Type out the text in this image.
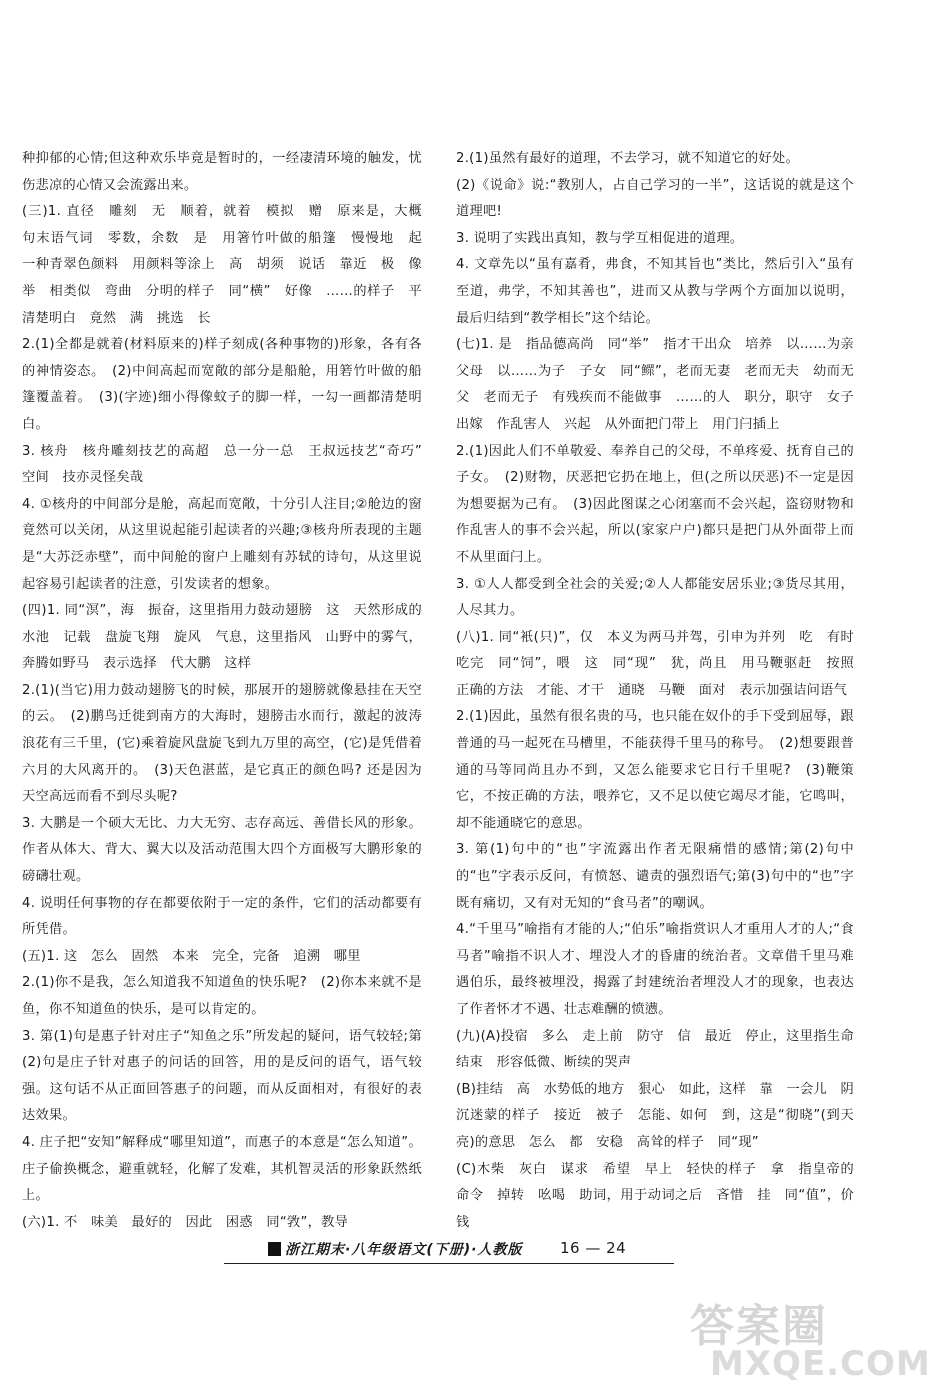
种抑郁的心情;但这种欢乐毕竟是暂时的，一经凄清环境的触发，忧伤悲凉的心情又会流露出来。

(三)1. 直径　雕刻　无　顺着，就着　模拟　赠　原来是，大概　句末语气词　零数，余数　是　用箸竹叶做的船篷　慢慢地　起　一种青翠色颜料　用颜料等涂上　高　胡须　说话　靠近　极　像　举　相类似　弯曲　分明的样子　同“横”　好像　……的样子　平　清楚明白　竟然　满　挑选　长

2.(1)全都是就着(材料原来的)样子刻成(各种事物的)形象，各有各的神情姿态。　(2)中间高起而宽敞的部分是船舱，用箬竹叶做的船篷覆盖着。　(3)(字迹)细小得像蚊子的脚一样，一勾一画都清楚明白。

3. 核舟　核舟雕刻技艺的高超　总一分一总　王叔远技艺“奇巧”　空间　技亦灵怪矣哉

4. ①核舟的中间部分是舱，高起而宽敞，十分引人注目;②舱边的窗竟然可以关闭，从这里说起能引起读者的兴趣;③核舟所表现的主题是“大苏泛赤壁”，而中间舱的窗户上雕刻有苏轼的诗句，从这里说起容易引起读者的注意，引发读者的想象。

(四)1. 同“溟”，海　振奋，这里指用力鼓动翅膀　这　天然形成的水池　记载　盘旋飞翔　旋风　气息，这里指风　山野中的雾气，奔腾如野马　表示选择　代大鹏　这样

2.(1)(当它)用力鼓动翅膀飞的时候，那展开的翅膀就像悬挂在天空的云。　(2)鹏鸟迁徙到南方的大海时，翅膀击水而行，激起的波涛浪花有三千里，(它)乘着旋风盘旋飞到九万里的高空，(它)是凭借着六月的大风离开的。　(3)天色湛蓝，是它真正的颜色吗? 还是因为天空高远而看不到尽头呢?

3. 大鹏是一个硕大无比、力大无穷、志存高远、善借长风的形象。作者从体大、背大、翼大以及活动范围大四个方面极写大鹏形象的磅礴壮观。

4. 说明任何事物的存在都要依附于一定的条件，它们的活动都要有所凭借。

(五)1. 这　怎么　固然　本来　完全，完备　追溯　哪里

2.(1)你不是我，怎么知道我不知道鱼的快乐呢?　(2)你本来就不是鱼，你不知道鱼的快乐，是可以肯定的。

3. 第(1)句是惠子针对庄子“知鱼之乐”所发起的疑问，语气较轻;第(2)句是庄子针对惠子的问话的回答，用的是反问的语气，语气较强。这句话不从正面回答惠子的问题，而从反面相对，有很好的表达效果。

4. 庄子把“安知”解释成“哪里知道”，而惠子的本意是“怎么知道”。庄子偷换概念，避重就轻，化解了发难，其机智灵活的形象跃然纸上。

(六)1. 不　味美　最好的　因此　困惑　同“敩”，教导

2.(1)虽然有最好的道理，不去学习，就不知道它的好处。

(2)《说命》说:“教别人，占自己学习的一半”，这话说的就是这个道理吧!

3. 说明了实践出真知，教与学互相促进的道理。

4. 文章先以“虽有嘉肴，弗食，不知其旨也”类比，然后引入“虽有至道，弗学，不知其善也”，进而又从教与学两个方面加以说明，最后归结到“教学相长”这个结论。

(七)1. 是　指品德高尚　同“举”　指才干出众　培养　以……为亲　父母　以……为子　子女　同“鳏”，老而无妻　老而无夫　幼而无父　老而无子　有残疾而不能做事　……的人　职分，职守　女子出嫁　作乱害人　兴起　从外面把门带上　用门闩插上

2.(1)因此人们不单敬爱、奉养自己的父母，不单疼爱、抚育自己的子女。　(2)财物，厌恶把它扔在地上，但(之所以厌恶)不一定是因为想要据为己有。　(3)因此图谋之心闭塞而不会兴起，盗窃财物和作乱害人的事不会兴起，所以(家家户户)都只是把门从外面带上而不从里面闩上。

3. ①人人都受到全社会的关爱;②人人都能安居乐业;③货尽其用，人尽其力。

(八)1. 同“衹(只)”，仅　本义为两马并驾，引申为并列　吃　有时　吃完　同“饲”，喂　这　同“现”　犹，尚且　用马鞭驱赶　按照　正确的方法　才能、才干　通晓　马鞭　面对　表示加强诘问语气

2.(1)因此，虽然有很名贵的马，也只能在奴仆的手下受到屈辱，跟普通的马一起死在马槽里，不能获得千里马的称号。　(2)想要跟普通的马等同尚且办不到，又怎么能要求它日行千里呢?　(3)鞭策它，不按正确的方法，喂养它，又不足以使它竭尽才能，它鸣叫，却不能通晓它的意思。

3. 第(1)句中的“也”字流露出作者无限痛惜的感情;第(2)句中的“也”字表示反问，有愤怒、谴责的强烈语气;第(3)句中的“也”字既有痛切，又有对无知的“食马者”的嘲讽。

4.“千里马”喻指有才能的人;“伯乐”喻指赏识人才重用人才的人;“食马者”喻指不识人才、埋没人才的昏庸的统治者。文章借千里马难遇伯乐，最终被埋没，揭露了封建统治者埋没人才的现象，也表达了作者怀才不遇、壮志难酬的愤懑。

(九)(A)投宿　多么　走上前　防守　信　最近　停止，这里指生命结束　形容低微、断续的哭声

(B)挂结　高　水势低的地方　狠心　如此，这样　靠　一会儿　阴沉迷蒙的样子　接近　被子　怎能、如何　到，这是“彻晓”(到天亮)的意思　怎么　都　安稳　高耸的样子　同“现”

(C)木柴　灰白　谋求　希望　早上　轻快的样子　拿　指皇帝的命令　掉转　吆喝　助词，用于动词之后　吝惜　挂　同“值”，价钱

浙江期末·八年级语文(下册)·人教版	16 — 24
答案圈
MXQE.COM
